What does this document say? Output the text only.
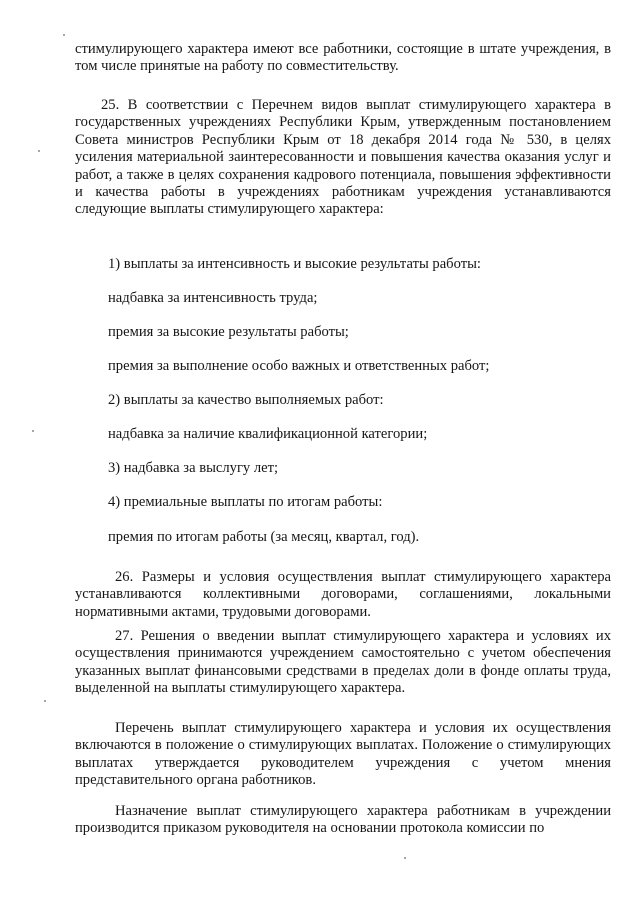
стимулирующего характера имеют все работники, состоящие в штате учреждения, в том числе принятые на работу по совместительству.

25. В соответствии с Перечнем видов выплат стимулирующего характера в государственных учреждениях Республики Крым, утвержденным постановлением Совета министров Республики Крым от 18 декабря 2014 года № 530, в целях усиления материальной заинтересованности и повышения качества оказания услуг и работ, а также в целях сохранения кадрового потенциала, повышения эффективности и качества работы в учреждениях работникам учреждения устанавливаются следующие выплаты стимулирующего характера:

1) выплаты за интенсивность и высокие результаты работы:

надбавка за интенсивность труда;

премия за высокие результаты работы;

премия за выполнение особо важных и ответственных работ;

2) выплаты за качество выполняемых работ:

надбавка за наличие квалификационной категории;

3) надбавка за выслугу лет;

4) премиальные выплаты по итогам работы:

премия по итогам работы (за месяц, квартал, год).

26. Размеры и условия осуществления выплат стимулирующего характера устанавливаются коллективными договорами, соглашениями, локальными нормативными актами, трудовыми договорами.

27. Решения о введении выплат стимулирующего характера и условиях их осуществления принимаются учреждением самостоятельно с учетом обеспечения указанных выплат финансовыми средствами в пределах доли в фонде оплаты труда, выделенной на выплаты стимулирующего характера.

Перечень выплат стимулирующего характера и условия их осуществления включаются в положение о стимулирующих выплатах. Положение о стимулирующих выплатах утверждается руководителем учреждения с учетом мнения представительного органа работников.

Назначение выплат стимулирующего характера работникам в учреждении производится приказом руководителя на основании протокола комиссии по
